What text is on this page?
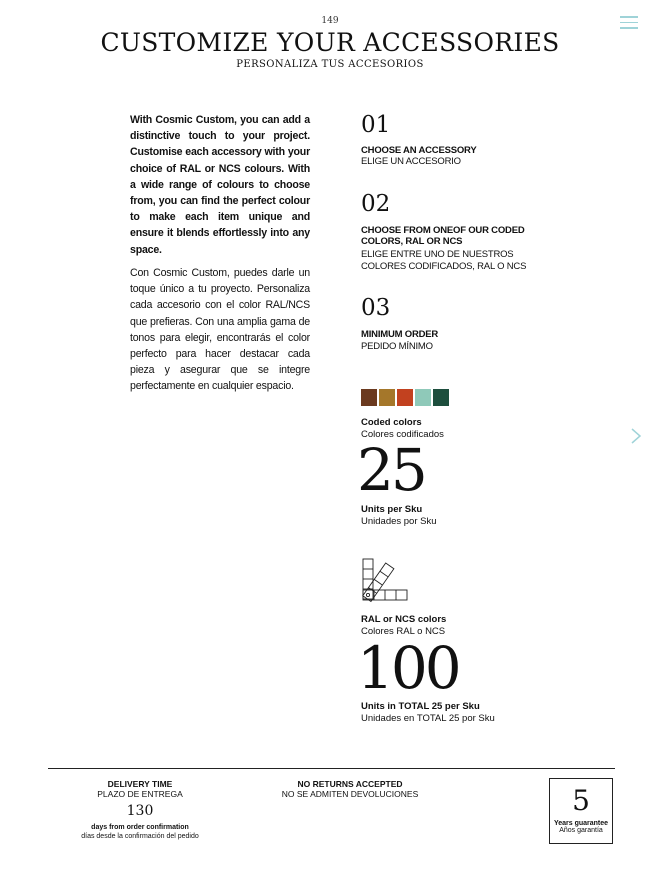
149
CUSTOMIZE YOUR ACCESSORIES
PERSONALIZA TUS ACCESORIOS
With Cosmic Custom, you can add a distinctive touch to your project. Customise each accessory with your choice of RAL or NCS colours. With a wide range of colours to choose from, you can find the perfect colour to make each item unique and ensure it blends effortlessly into any space.
Con Cosmic Custom, puedes darle un toque único a tu proyecto. Personaliza cada accesorio con el color RAL/NCS que prefieras. Con una amplia gama de tonos para elegir, encontrarás el color perfecto para hacer destacar cada pieza y asegurar que se integre perfectamente en cualquier espacio.
01
CHOOSE AN ACCESSORY
ELIGE UN ACCESORIO
02
CHOOSE FROM ONEOF OUR CODED COLORS, RAL OR NCS
ELIGE ENTRE UNO DE NUESTROS COLORES CODIFICADOS, RAL O NCS
03
MINIMUM ORDER
PEDIDO MÍNIMO
Coded colors
Colores codificados
25
Units per Sku
Unidades por Sku
RAL or NCS colors
Colores RAL o NCS
100
Units in TOTAL 25 per Sku
Unidades en TOTAL 25 por Sku
DELIVERY TIME
PLAZO DE ENTREGA
130
days from order confirmation
días desde la confirmación del pedido
NO RETURNS ACCEPTED
NO SE ADMITEN DEVOLUCIONES	5
Years guarantee
Años garantía
